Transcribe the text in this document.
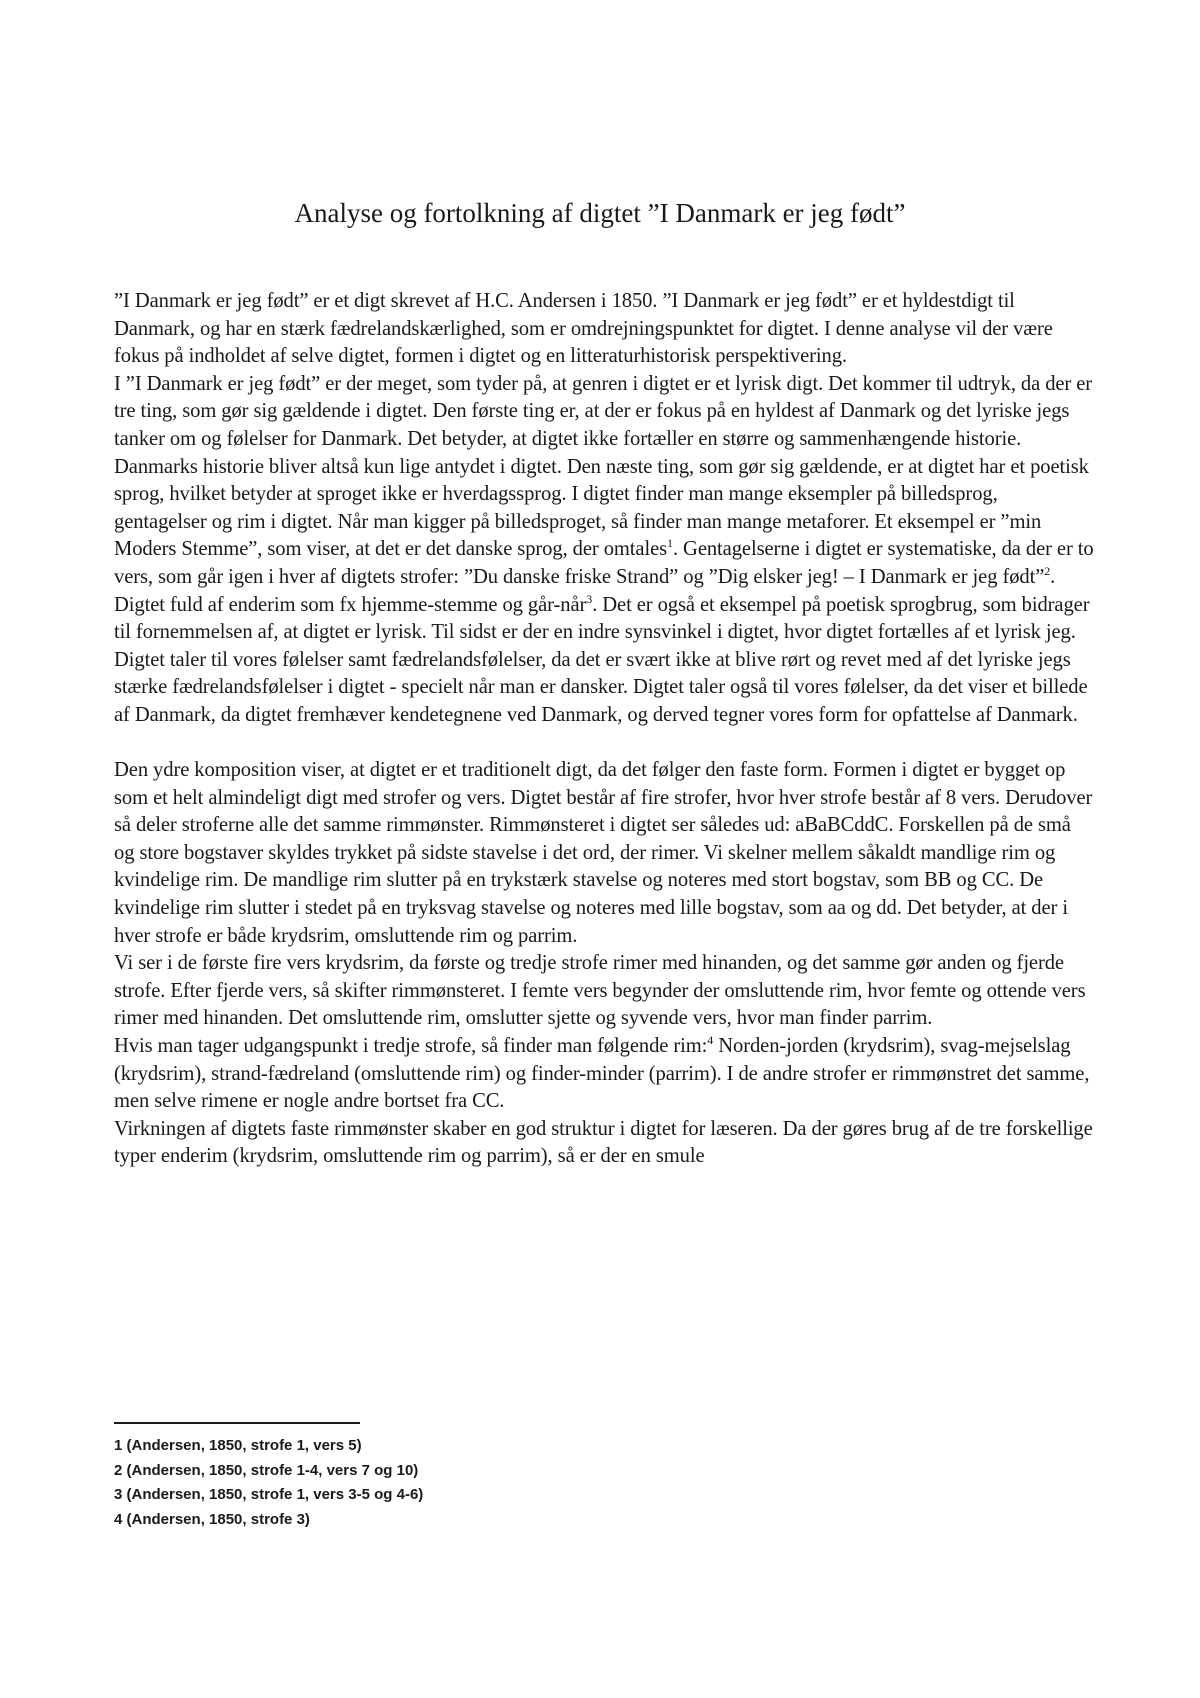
Analyse og fortolkning af digtet ”I Danmark er jeg født”

”I Danmark er jeg født” er et digt skrevet af H.C. Andersen i 1850. ”I Danmark er jeg født” er et hyldestdigt til Danmark, og har en stærk fædrelandskærlighed, som er omdrejningspunktet for digtet. I denne analyse vil der være fokus på indholdet af selve digtet, formen i digtet og en litteraturhistorisk perspektivering.

I ”I Danmark er jeg født” er der meget, som tyder på, at genren i digtet er et lyrisk digt. Det kommer til udtryk, da der er tre ting, som gør sig gældende i digtet. Den første ting er, at der er fokus på en hyldest af Danmark og det lyriske jegs tanker om og følelser for Danmark. Det betyder, at digtet ikke fortæller en større og sammenhængende historie. Danmarks historie bliver altså kun lige antydet i digtet. Den næste ting, som gør sig gældende, er at digtet har et poetisk sprog, hvilket betyder at sproget ikke er hverdagssprog. I digtet finder man mange eksempler på billedsprog, gentagelser og rim i digtet. Når man kigger på billedsproget, så finder man mange metaforer. Et eksempel er ”min Moders Stemme”, som viser, at det er det danske sprog, der omtales$^1$. Gentagelserne i digtet er systematiske, da der er to vers, som går igen i hver af digtets strofer: ”Du danske friske Strand” og ”Dig elsker jeg! – I Danmark er jeg født”$^2$. Digtet fuld af enderim som fx hjemme-stemme og går-når$^3$. Det er også et eksempel på poetisk sprogbrug, som bidrager til fornemmelsen af, at digtet er lyrisk. Til sidst er der en indre synsvinkel i digtet, hvor digtet fortælles af et lyrisk jeg.

Digtet taler til vores følelser samt fædrelandsfølelser, da det er svært ikke at blive rørt og revet med af det lyriske jegs stærke fædrelandsfølelser i digtet - specielt når man er dansker. Digtet taler også til vores følelser, da det viser et billede af Danmark, da digtet fremhæver kendetegnene ved Danmark, og derved tegner vores form for opfattelse af Danmark.

Den ydre komposition viser, at digtet er et traditionelt digt, da det følger den faste form. Formen i digtet er bygget op som et helt almindeligt digt med strofer og vers. Digtet består af fire strofer, hvor hver strofe består af 8 vers. Derudover så deler stroferne alle det samme rimmønster. Rimmønsteret i digtet ser således ud: aBaBCddC. Forskellen på de små og store bogstaver skyldes trykket på sidste stavelse i det ord, der rimer. Vi skelner mellem såkaldt mandlige rim og kvindelige rim. De mandlige rim slutter på en trykstærk stavelse og noteres med stort bogstav, som BB og CC. De kvindelige rim slutter i stedet på en tryksvag stavelse og noteres med lille bogstav, som aa og dd. Det betyder, at der i hver strofe er både krydsrim, omsluttende rim og parrim.

Vi ser i de første fire vers krydsrim, da første og tredje strofe rimer med hinanden, og det samme gør anden og fjerde strofe. Efter fjerde vers, så skifter rimmønsteret. I femte vers begynder der omsluttende rim, hvor femte og ottende vers rimer med hinanden. Det omsluttende rim, omslutter sjette og syvende vers, hvor man finder parrim.

Hvis man tager udgangspunkt i tredje strofe, så finder man følgende rim:$^4$ Norden-jorden (krydsrim), svag-mejselslag (krydsrim), strand-fædreland (omsluttende rim) og finder-minder (parrim). I de andre strofer er rimmønstret det samme, men selve rimene er nogle andre bortset fra CC.

Virkningen af digtets faste rimmønster skaber en god struktur i digtet for læseren. Da der gøres brug af de tre forskellige typer enderim (krydsrim, omsluttende rim og parrim), så er der en smule

1 (Andersen, 1850, strofe 1, vers 5)

2 (Andersen, 1850, strofe 1-4, vers 7 og 10)

3 (Andersen, 1850, strofe 1, vers 3-5 og 4-6)

4 (Andersen, 1850, strofe 3)
